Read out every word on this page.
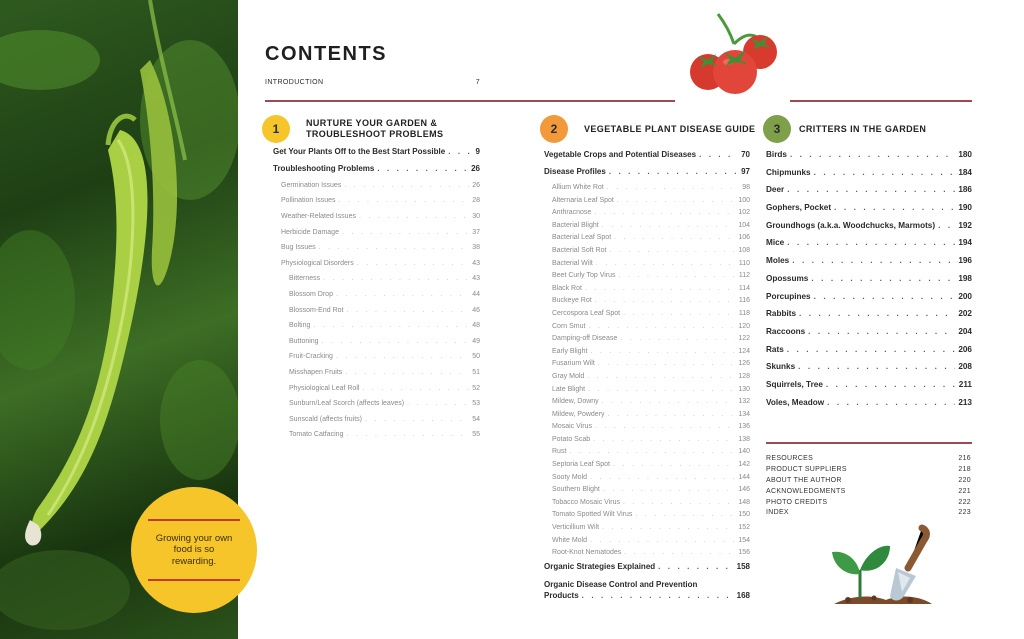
Growing your own food is so rewarding.
CONTENTS
INTRODUCTION	7
1	NURTURE YOUR GARDEN &
TROUBLESHOOT PROBLEMS	2	VEGETABLE PLANT DISEASE GUIDE	3	CRITTERS IN THE GARDEN
Get Your Plants Off to the Best Start Possible . . .	9
Troubleshooting Problems . . .	26
Germination Issues . . .	26
Pollination Issues . . .	28
Weather-Related Issues . . .	30
Herbicide Damage . . .	37
Bug Issues . . .	38
Physiological Disorders . . .	43
Bitterness . . .	43
Blossom Drop . . .	44
Blossom-End Rot . . .	46
Bolting . . .	48
Buttoning . . .	49
Fruit-Cracking . . .	50
Misshapen Fruits . . .	51
Physiological Leaf Roll . . .	52
Sunburn/Leaf Scorch (affects leaves) . . .	53
Sunscald (affects fruits) . . .	54
Tomato Catfacing . . .	55
Vegetable Crops and Potential Diseases . . .	70
Disease Profiles . . .	97
Allium White Rot . . .	98
Alternaria Leaf Spot . . .	100
Anthracnose . . .	102
Bacterial Blight . . .	104
Bacterial Leaf Spot . . .	106
Bacterial Soft Rot . . .	108
Bacterial Wilt . . .	110
Beet Curly Top Virus . . .	112
Black Rot . . .	114
Buckeye Rot . . .	116
Cercospora Leaf Spot . . .	118
Corn Smut . . .	120
Damping-off Disease . . .	122
Early Blight . . .	124
Fusarium Wilt . . .	126
Gray Mold . . .	128
Late Blight . . .	130
Mildew, Downy . . .	132
Mildew, Powdery . . .	134
Mosaic Virus . . .	136
Potato Scab . . .	138
Rust . . .	140
Septoria Leaf Spot . . .	142
Sooty Mold . . .	144
Southern Blight . . .	146
Tobacco Mosaic Virus . . .	148
Tomato Spotted Wilt Virus . . .	150
Verticillium Wilt . . .	152
White Mold . . .	154
Root-Knot Nematodes . . .	156
Organic Strategies Explained . . .	158
Organic Disease Control and Prevention
Products . . .	168
Birds . . .	180
Chipmunks . . .	184
Deer . . .	186
Gophers, Pocket . . .	190
Groundhogs (a.k.a. Woodchucks, Marmots) . . .	192
Mice . . .	194
Moles . . .	196
Opossums . . .	198
Porcupines . . .	200
Rabbits . . .	202
Raccoons . . .	204
Rats . . .	206
Skunks . . .	208
Squirrels, Tree . . .	211
Voles, Meadow . . .	213
RESOURCES	216
PRODUCT SUPPLIERS	218
ABOUT THE AUTHOR	220
ACKNOWLEDGMENTS	221
PHOTO CREDITS	222
INDEX	223
